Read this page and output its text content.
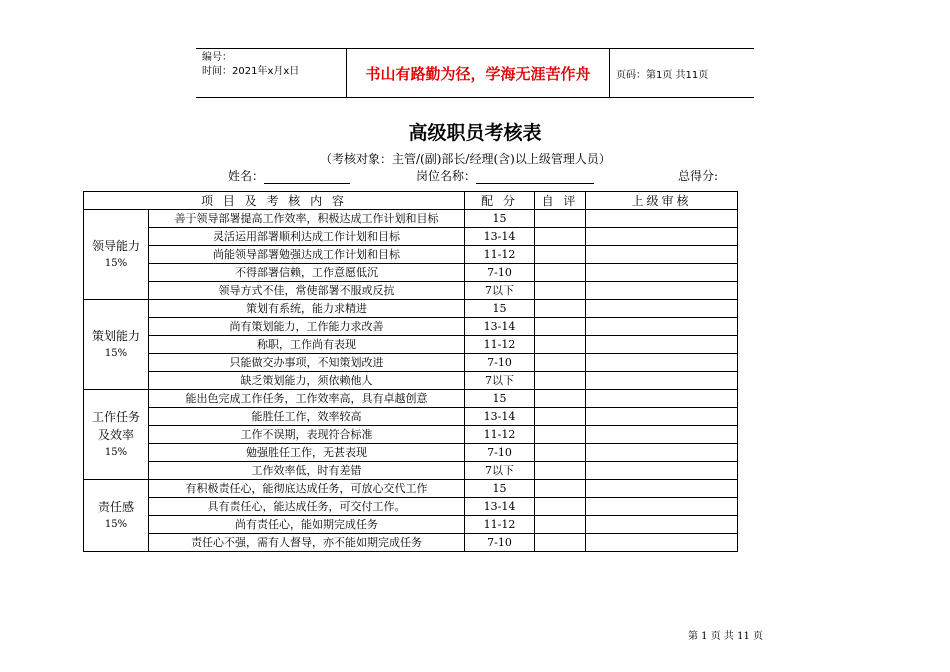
编号：
时间：2021年x月x日	书山有路勤为径，学海无涯苦作舟	页码：第1页 共11页
高级职员考核表
（考核对象：主管/(副)部长/经理(含)以上级管理人员）
姓名：	岗位名称：	总得分:
项 目 及 考 核 内 容		配 分	自 评	上级审核

领导能力
15%	善于领导部署提高工作效率，积极达成工作计划和目标	15		
	灵活运用部署顺利达成工作计划和目标	13-14		
	尚能领导部署勉强达成工作计划和目标	11-12		
	不得部署信赖，工作意愿低沉	7-10		
	领导方式不佳，常使部署不服或反抗	7以下		

策划能力
15%	策划有系统，能力求精进	15		
	尚有策划能力，工作能力求改善	13-14		
	称职，工作尚有表现	11-12		
	只能做交办事项，不知策划改进	7-10		
	缺乏策划能力，须依赖他人	7以下		

工作任务及效率
15%	能出色完成工作任务，工作效率高，具有卓越创意	15		
	能胜任工作，效率较高	13-14		
	工作不误期，表现符合标准	11-12		
	勉强胜任工作，无甚表现	7-10		
	工作效率低，时有差错	7以下		

责任感
15%	有积极责任心，能彻底达成任务，可放心交代工作	15		
	具有责任心，能达成任务，可交付工作。	13-14		
	尚有责任心，能如期完成任务	11-12		
	责任心不强，需有人督导，亦不能如期完成任务	7-10		
第 1 页 共 11 页
